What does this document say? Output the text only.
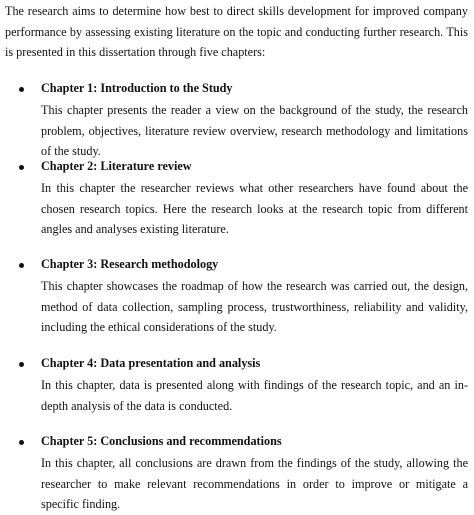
The research aims to determine how best to direct skills development for improved company performance by assessing existing literature on the topic and conducting further research. This is presented in this dissertation through five chapters:

Chapter 1: Introduction to the Study

This chapter presents the reader a view on the background of the study, the research problem, objectives, literature review overview, research methodology and limitations of the study.

Chapter 2: Literature review

In this chapter the researcher reviews what other researchers have found about the chosen research topics. Here the research looks at the research topic from different angles and analyses existing literature.

Chapter 3: Research methodology

This chapter showcases the roadmap of how the research was carried out, the design, method of data collection, sampling process, trustworthiness, reliability and validity, including the ethical considerations of the study.

Chapter 4: Data presentation and analysis

In this chapter, data is presented along with findings of the research topic, and an in-depth analysis of the data is conducted.

Chapter 5: Conclusions and recommendations

In this chapter, all conclusions are drawn from the findings of the study, allowing the researcher to make relevant recommendations in order to improve or mitigate a specific finding.
